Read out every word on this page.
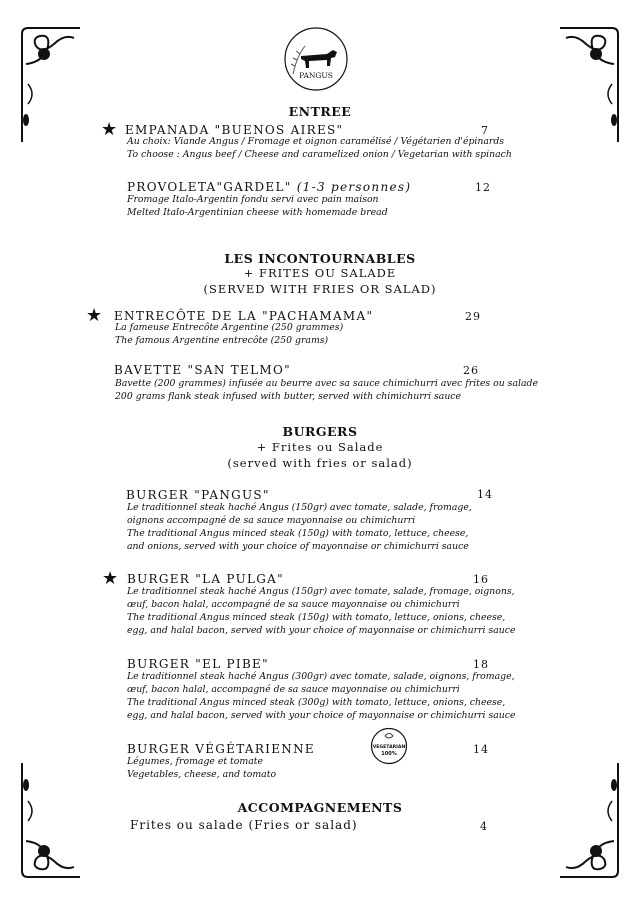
PANGUS
ENTREE
★ EMPANADA "BUENOS AIRES"	7
Au choix: Viande Angus / Fromage et oignon caramélisé / Végétarien d'épinards
To choose : Angus beef / Cheese and caramelized onion / Vegetarian with spinach
PROVOLETA"GARDEL" (1-3 personnes)	12
Fromage Italo-Argentin fondu servi avec pain maison
Melted Italo-Argentinian cheese with homemade bread
LES INCONTOURNABLES
+ FRITES OU SALADE
(SERVED WITH FRIES OR SALAD)
★ ENTRECÔTE DE LA "PACHAMAMA"	29
La fameuse Entrecôte Argentine (250 grammes)
The famous Argentine entrecôte (250 grams)
BAVETTE "SAN TELMO"	26
Bavette (200 grammes) infusée au beurre avec sa sauce chimichurri avec frites ou salade
200 grams flank steak infused with butter, served with chimichurri sauce
BURGERS
+ Frites ou Salade
(served with fries or salad)
BURGER "PANGUS"	14
Le traditionnel steak haché Angus (150gr) avec tomate, salade, fromage,
oignons accompagné de sa sauce mayonnaise ou chimichurri
The traditional Angus minced steak (150g) with tomato, lettuce, cheese,
and onions, served with your choice of mayonnaise or chimichurri sauce
★ BURGER "LA PULGA"	16
Le traditionnel steak haché Angus (150gr) avec tomate, salade, fromage, oignons,
œuf, bacon halal, accompagné de sa sauce mayonnaise ou chimichurri
The traditional Angus minced steak (150g) with tomato, lettuce, onions, cheese,
egg, and halal bacon, served with your choice of mayonnaise or chimichurri sauce
BURGER "EL PIBE"	18
Le traditionnel steak haché Angus (300gr) avec tomate, salade, oignons, fromage,
œuf, bacon halal, accompagné de sa sauce mayonnaise ou chimichurri
The traditional Angus minced steak (300g) with tomato, lettuce, onions, cheese,
egg, and halal bacon, served with your choice of mayonnaise or chimichurri sauce
BURGER VÉGÉTARIENNE	14
Légumes, fromage et tomate
Vegetables, cheese, and tomato
VEGETARIAN
100%
ACCOMPAGNEMENTS
Frites ou salade (Fries or salad)	4
